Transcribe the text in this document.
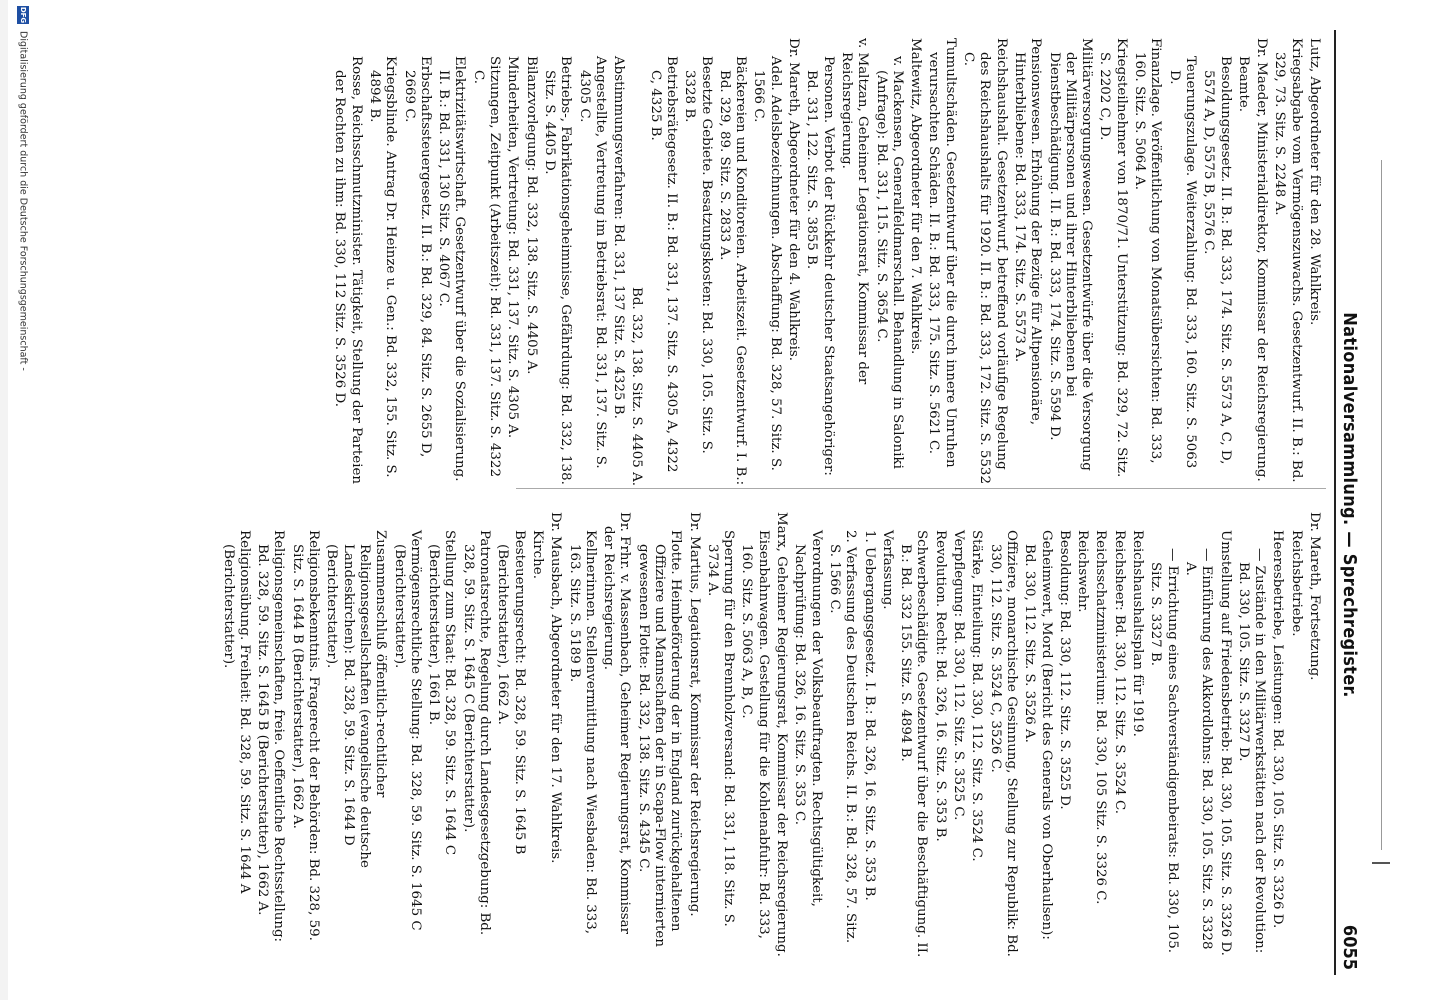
Nationalversammlung. — Sprechregister.
6055
Lutz, Abgeordneter für den 28. Wahlkreis.
Kriegsabgabe vom Vermögenszuwachs. Gesetzentwurf. II. B.: Bd. 329, 73. Sitz. S. 2248 A.
Dr. Maeder, Ministerialdirektor, Kommissar der Reichsregierung.
Beamte.
Besoldungsgesetz. II. B.: Bd. 333, 174. Sitz. S. 5573 A, C, D, 5574 A, D, 5575 B, 5576 C.
Teuerungszulage. Weiterzahlung: Bd. 333, 160. Sitz. S. 5063 D.
Finanzlage. Veröffentlichung von Monatsübersichten: Bd. 333, 160. Sitz. S. 5064 A.
Kriegsteilnehmer von 1870/71. Unterstützung: Bd. 329, 72. Sitz. S. 2202 C, D.
Militärversorgungswesen. Gesetzentwürfe über die Versorgung der Militärpersonen und ihrer Hinterbliebenen bei Dienstbeschädigung. II. B.: Bd. 333, 174. Sitz. S. 5594 D.
Pensionswesen. Erhöhung der Bezüge für Altpensionäre, Hinterbliebene: Bd. 333, 174. Sitz. S. 5573 A.
Reichshaushalt. Gesetzentwurf, betreffend vorläufige Regelung des Reichshaushalts für 1920. II. B.: Bd. 333, 172. Sitz. S. 5532 C.
Tumultschäden. Gesetzentwurf über die durch innere Unruhen verursachten Schäden. II. B.: Bd. 333, 175. Sitz. S. 5621 C.
Maltewitz, Abgeordneter für den 7. Wahlkreis.
v. Mackensen, Generalfeldmarschall. Behandlung in Saloniki (Anfrage): Bd. 331, 115. Sitz. S. 3654 C.
v. Maltzan, Geheimer Legationsrat, Kommissar der Reichsregierung.
Personen. Verbot der Rückkehr deutscher Staatsangehöriger: Bd. 331, 122. Sitz. S. 3855 B.
Dr. Mareth, Abgeordneter für den 4. Wahlkreis.
Adel. Adelsbezeichnungen. Abschaffung: Bd. 328, 57. Sitz. S. 1566 C.
Bäckereien und Konditoreien. Arbeitszeit. Gesetzentwurf. I. B.: Bd. 329, 89. Sitz. S. 2833 A.
Besetzte Gebiete. Besatzungskosten: Bd. 330, 105. Sitz. S. 3328 B.
Betriebsrätegesetz. II. B.: Bd. 331, 137. Sitz. S. 4305 A, 4322 C, 4325 B.
Bd. 332, 138. Sitz. S. 4405 A.
Abstimmungsverfahren: Bd. 331, 137 Sitz. S. 4325 B.
Angestellte, Vertretung im Betriebsrat: Bd. 331, 137. Sitz. S. 4305 C.
Betriebs-, Fabrikationsgeheimnisse, Gefährdung: Bd. 332, 138. Sitz. S. 4405 D.
Bilanzvorlegung: Bd. 332, 138. Sitz. S. 4405 A.
Minderheiten, Vertretung: Bd. 331, 137. Sitz. S. 4305 A.
Sitzungen, Zeitpunkt (Arbeitszeit): Bd. 331, 137. Sitz. S. 4322 C.
Elektrizitätswirtschaft. Gesetzentwurf über die Sozialisierung. II. B.: Bd. 331, 130 Sitz. S. 4067 C.
Erbschaftssteuergesetz. II. B.: Bd. 329, 84. Sitz. S. 2655 D, 2669 C.
Kriegsblinde. Antrag Dr. Heinze u. Gen.: Bd. 332, 155. Sitz. S. 4894 B.
Rosse, Reichsschmutzminister. Tätigkeit, Stellung der Parteien der Rechten zu ihm: Bd. 330, 112 Sitz. S. 3526 D.
Dr. Mareth, Fortsetzung.
Reichsbetriebe.
Heeresbetriebe, Leistungen: Bd. 330, 105. Sitz. S. 3326 D.
— Zustände in den Militärwerkstätten nach der Revolution: Bd. 330, 105. Sitz. S. 3327 D.
Umstellung auf Friedensbetrieb: Bd. 330, 105. Sitz. S. 3326 D.
— Einführung des Akkordlohns: Bd. 330, 105. Sitz. S. 3328 A.
— Errichtung eines Sachverständigenbeirats: Bd. 330, 105. Sitz. S. 3327 B.
Reichshaushaltsplan für 1919.
Reichsheer: Bd. 330, 112. Sitz. S. 3524 C.
Reichsschatzministerium: Bd. 330, 105 Sitz. S. 3326 C.
Reichswehr.
Besoldung: Bd. 330, 112. Sitz. S. 3525 D.
Geheimwert, Mord (Bericht des Generals von Oberhaulsen): Bd. 330, 112. Sitz. S. 3526 A.
Offiziere, monarchische Gesinnung, Stellung zur Republik: Bd. 330, 112. Sitz. S. 3524 C, 3526 C.
Stärke, Einteilung: Bd. 330, 112. Sitz. S. 3524 C.
Verpflegung: Bd. 330, 112. Sitz. S. 3525 C.
Revolution. Recht: Bd. 326, 16. Sitz. S. 353 B.
Schwerbeschädigte. Gesetzentwurf über die Beschäftigung. II. B.: Bd. 332 155. Sitz. S. 4894 B.
Verfassung.
1. Uebergangsgesetz. I. B.: Bd. 326, 16. Sitz. S. 353 B.
2. Verfassung des Deutschen Reichs. II. B.: Bd. 328, 57. Sitz. S. 1566 C.
Verordnungen der Volksbeauftragten. Rechtsgültigkeit, Nachprüfung: Bd. 326, 16. Sitz. S. 353 C.
Marx, Geheimer Regierungsrat, Kommissar der Reichsregierung.
Eisenbahnwagen. Gestellung für die Kohlenabfuhr: Bd. 333, 160. Sitz. S. 5063 A, B, C.
Sperrung für den Brennholzversand: Bd. 331, 118. Sitz. S. 3734 A.
Dr. Martius, Legationsrat, Kommissar der Reichsregierung.
Flotte. Heimbeförderung der in England zurückgehaltenen Offiziere und Mannschaften der in Scapa-Flow internierten gewesenen Flotte: Bd. 332, 138. Sitz. S. 4345 C.
Dr. Frhr. v. Massenbach, Geheimer Regierungsrat, Kommissar der Reichsregierung.
Kellnerinnen. Stellenvermittlung nach Wiesbaden: Bd. 333, 163. Sitz. S. 5189 B.
Dr. Mausbach, Abgeordneter für den 17. Wahlkreis.
Kirche.
Besteuerungsrecht: Bd. 328, 59. Sitz. S. 1645 B (Berichterstatter), 1662 A.
Patronatsrechte, Regelung durch Landesgesetzgebung: Bd. 328, 59. Sitz. S. 1645 C (Berichterstatter).
Stellung zum Staat: Bd. 328, 59. Sitz. S. 1644 C (Berichterstatter), 1661 B.
Vermögensrechtliche Stellung: Bd. 328, 59. Sitz. S. 1645 C (Berichterstatter).
Zusammenschluß öffentlich-rechtlicher Religionsgesellschaften (evangelische deutsche Landeskirchen): Bd. 328, 59. Sitz. S. 1644 D (Berichterstatter).
Religionsbekenntnis. Fragerecht der Behörden: Bd. 328, 59. Sitz. S. 1644 B (Berichterstatter), 1662 A.
Religionsgemeinschaften, freie. Oeffentliche Rechtsstellung: Bd. 328, 59. Sitz. S. 1645 B (Berichterstatter), 1662 A.
Religionsübung. Freiheit: Bd. 328, 59. Sitz. S. 1644 A (Berichterstatter).
DFG Digitalisierung gefördert durch die Deutsche Forschungsgemeinschaft -
